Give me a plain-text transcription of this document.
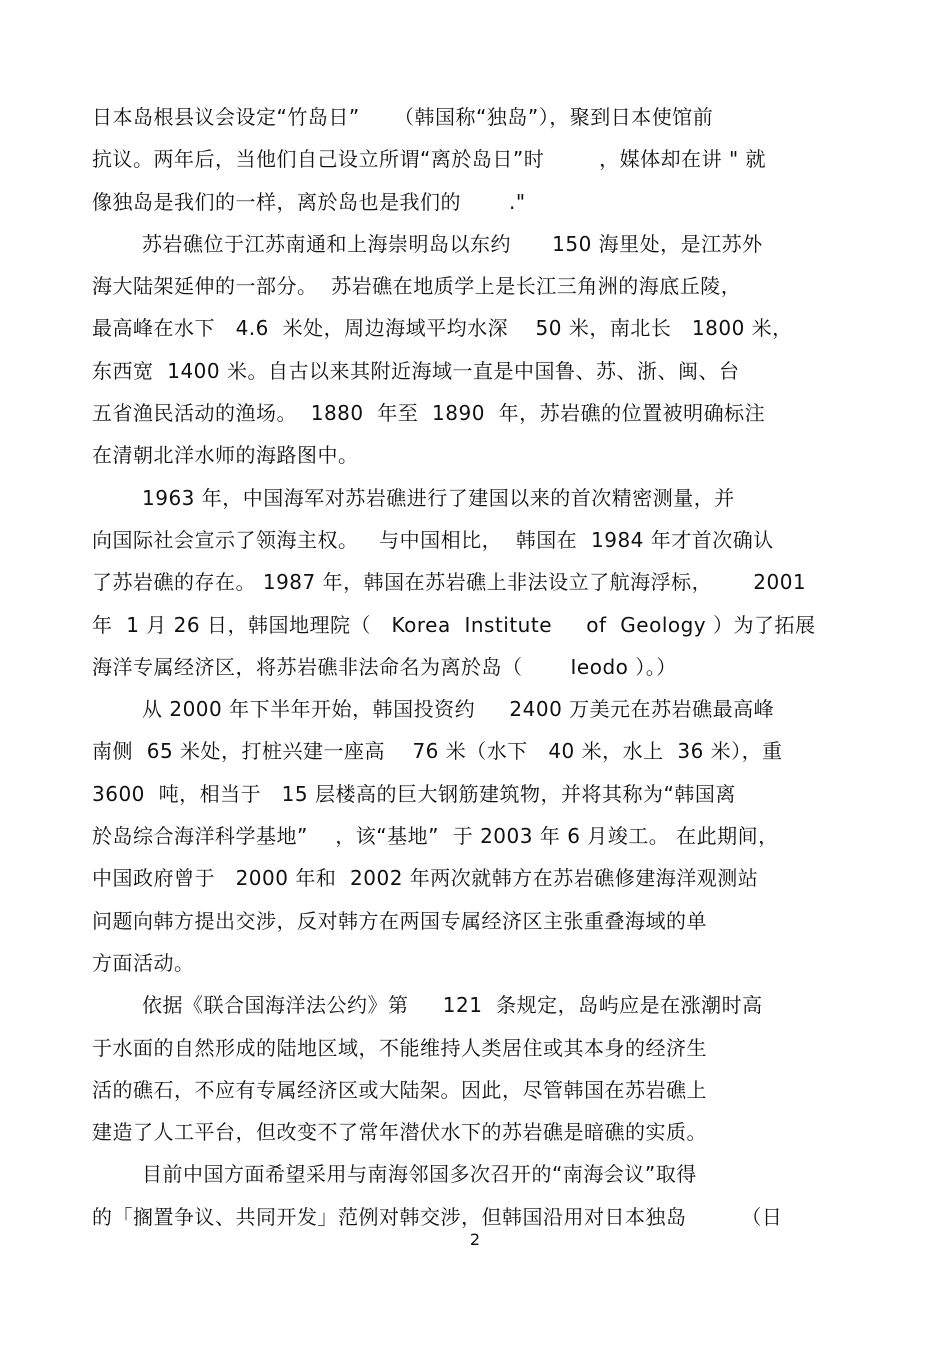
日本岛根县议会设定“竹岛日”     （韩国称“独岛”），聚到日本使馆前
抗议。两年后，当他们自己设立所谓“离於岛日”时        ，媒体却在讲 " 就
像独岛是我们的一样，离於岛也是我们的       ."
苏岩礁位于江苏南通和上海崇明岛以东约      150 海里处，是江苏外
海大陆架延伸的一部分。  苏岩礁在地质学上是长江三角洲的海底丘陵，
最高峰在水下   4.6  米处，周边海域平均水深    50 米，南北长   1800 米，
东西宽  1400 米。自古以来其附近海域一直是中国鲁、苏、浙、闽、台
五省渔民活动的渔场。  1880  年至  1890  年，苏岩礁的位置被明确标注
在清朝北洋水师的海路图中。
1963 年，中国海军对苏岩礁进行了建国以来的首次精密测量，并
向国际社会宣示了领海主权。   与中国相比，  韩国在  1984 年才首次确认
了苏岩礁的存在。 1987 年，韩国在苏岩礁上非法设立了航海浮标，      2001
年  1 月 26 日，韩国地理院（   Korea  Institute     of  Geology ）为了拓展
海洋专属经济区，将苏岩礁非法命名为离於岛（       Ieodo ）。）
从 2000 年下半年开始，韩国投资约     2400 万美元在苏岩礁最高峰
南侧  65 米处，打桩兴建一座高    76 米（水下   40 米，水上  36 米），重
3600  吨，相当于   15 层楼高的巨大钢筋建筑物，并将其称为“韩国离
於岛综合海洋科学基地”    ，该“基地”  于 2003 年 6 月竣工。 在此期间，
中国政府曾于   2000 年和  2002 年两次就韩方在苏岩礁修建海洋观测站
问题向韩方提出交涉，反对韩方在两国专属经济区主张重叠海域的单
方面活动。
依据《联合国海洋法公约》第     121  条规定，岛屿应是在涨潮时高
于水面的自然形成的陆地区域，不能维持人类居住或其本身的经济生
活的礁石，不应有专属经济区或大陆架。因此，尽管韩国在苏岩礁上
建造了人工平台，但改变不了常年潜伏水下的苏岩礁是暗礁的实质。
目前中国方面希望采用与南海邻国多次召开的“南海会议”取得
的「搁置争议、共同开发」范例对韩交涉，但韩国沿用对日本独岛        （日
2
